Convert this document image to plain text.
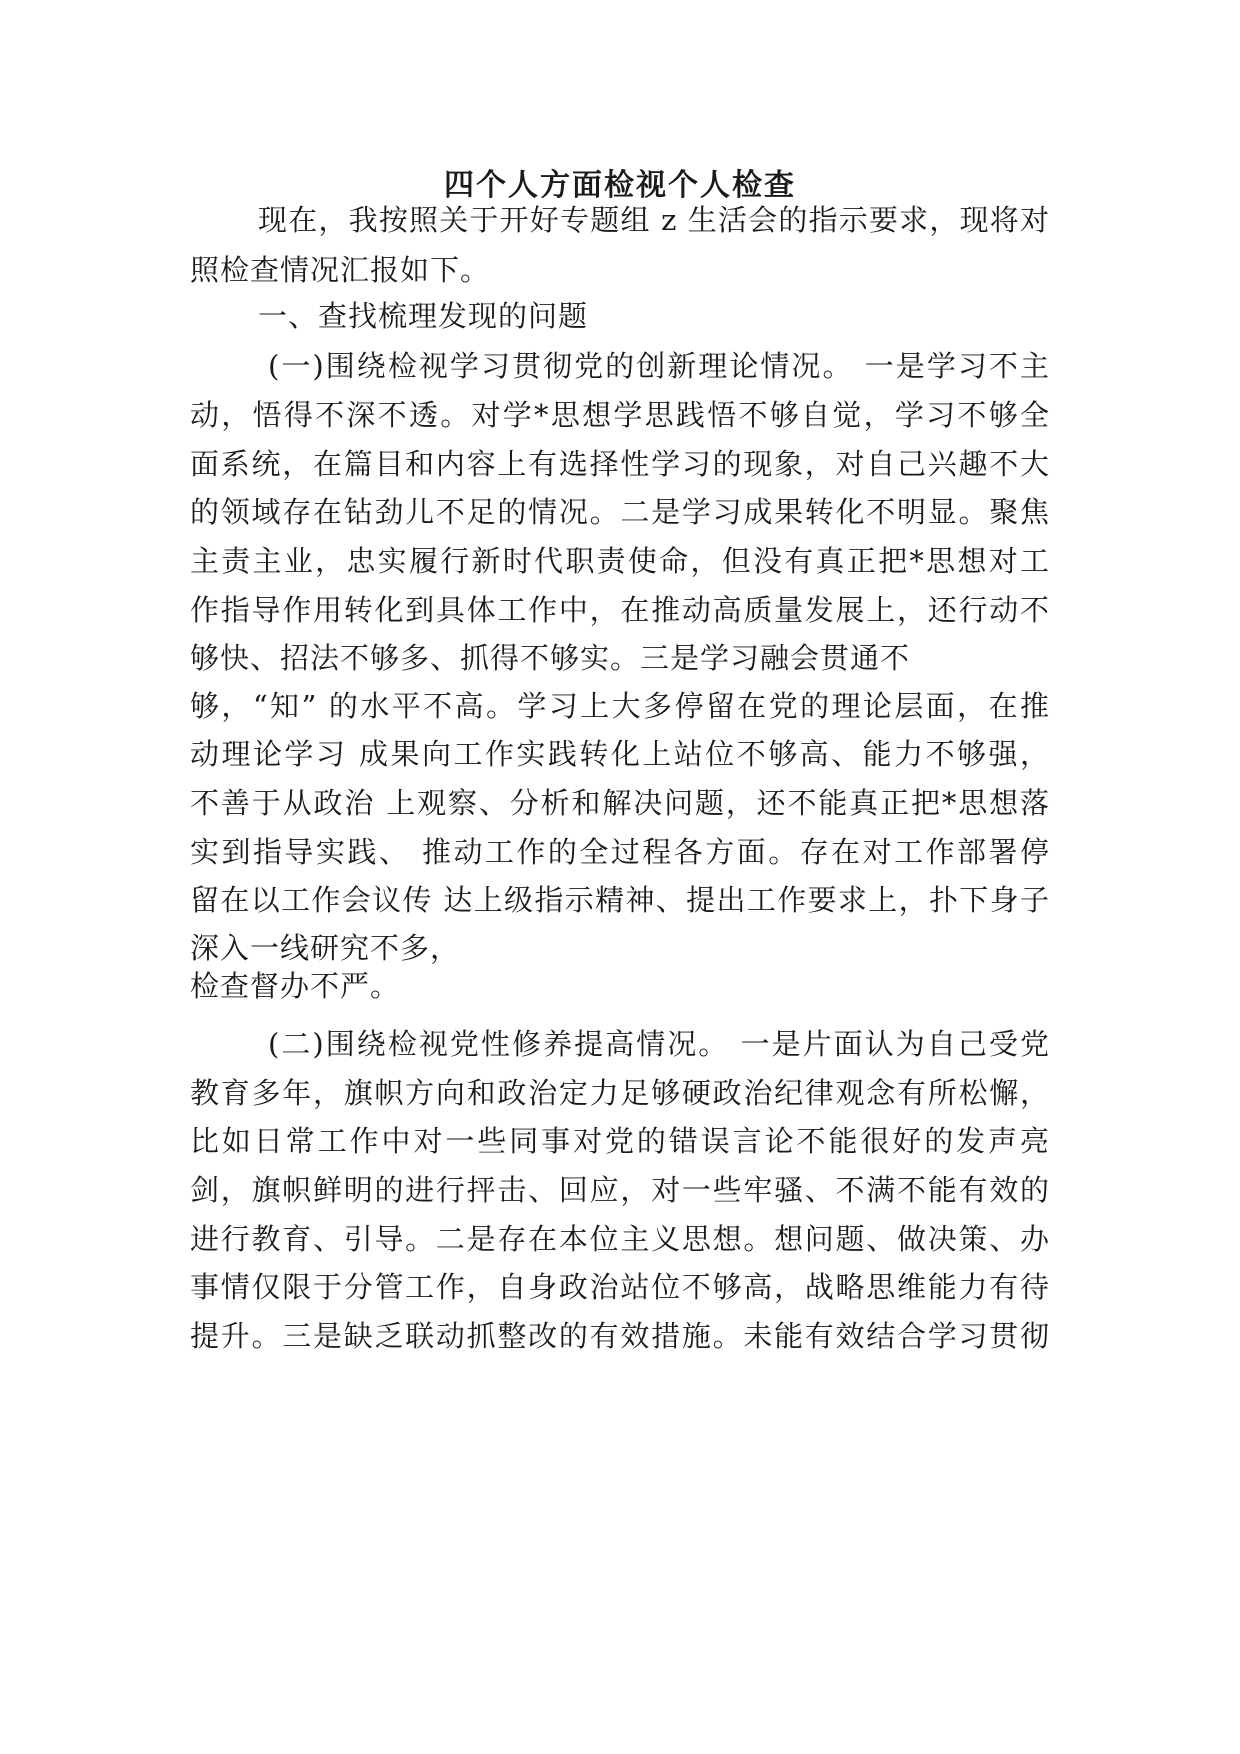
四个人方面检视个人检查
现在，我按照关于开好专题组 z 生活会的指示要求，现将对
照检查情况汇报如下。
一、查找梳理发现的问题
(一)围绕检视学习贯彻党的创新理论情况。 一是学习不主
动，悟得不深不透。对学*思想学思践悟不够自觉，学习不够全
面系统，在篇目和内容上有选择性学习的现象，对自己兴趣不大
的领域存在钻劲儿不足的情况。二是学习成果转化不明显。聚焦
主责主业，忠实履行新时代职责使命，但没有真正把*思想对工
作指导作用转化到具体工作中，在推动高质量发展上，还行动不
够快、招法不够多、抓得不够实。三是学习融会贯通不
够，“知” 的水平不高。学习上大多停留在党的理论层面，在推
动理论学习 成果向工作实践转化上站位不够高、能力不够强，
不善于从政治 上观察、分析和解决问题，还不能真正把*思想落
实到指导实践、 推动工作的全过程各方面。存在对工作部署停
留在以工作会议传 达上级指示精神、提出工作要求上，扑下身子
深入一线研究不多，
检查督办不严。
(二)围绕检视党性修养提高情况。 一是片面认为自己受党
教育多年，旗帜方向和政治定力足够硬政治纪律观念有所松懈，
比如日常工作中对一些同事对党的错误言论不能很好的发声亮
剑，旗帜鲜明的进行抨击、回应，对一些牢骚、不满不能有效的
进行教育、引导。二是存在本位主义思想。想问题、做决策、办
事情仅限于分管工作，自身政治站位不够高，战略思维能力有待
提升。三是缺乏联动抓整改的有效措施。未能有效结合学习贯彻
